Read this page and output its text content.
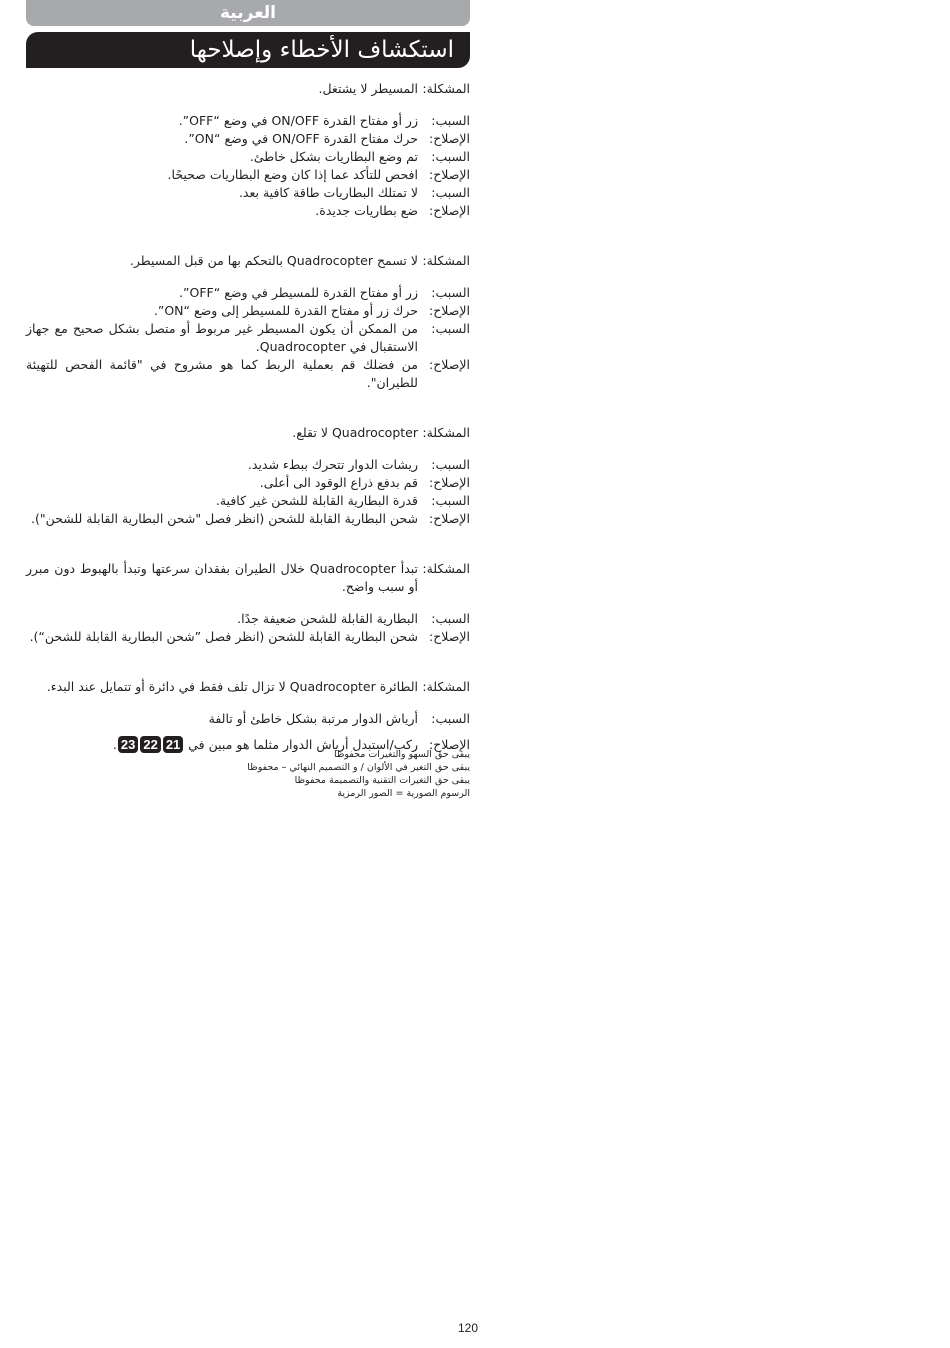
العربية
استكشاف الأخطاء وإصلاحها
المشكلة:
المسيطر لا يشتغل.
السبب:
زر أو مفتاح القدرة ON/OFF في وضع “OFF”.
الإصلاح:
حرك مفتاح القدرة ON/OFF في وضع “ON”.
السبب:
تم وضع البطاريات بشكل خاطئ.
الإصلاح:
افحص للتأكد عما إذا كان وضع البطاريات صحيحًا.
السبب:
لا تمتلك البطاريات طاقة كافية بعد.
الإصلاح:
ضع بطاريات جديدة.
المشكلة:
لا تسمح Quadrocopter بالتحكم بها من قبل المسيطر.
السبب:
زر أو مفتاح القدرة للمسيطر في وضع “OFF”.
الإصلاح:
حرك زر أو مفتاح القدرة للمسيطر إلى وضع “ON”.
السبب:
من الممكن أن يكون المسيطر غير مربوط أو متصل بشكل صحيح مع جهاز الاستقبال في Quadrocopter.
الإصلاح:
من فضلك قم بعملية الربط كما هو مشروح في "قائمة الفحص للتهيئة للطيران".
المشكلة:
Quadrocopter لا تقلع.
السبب:
ريشات الدوار تتحرك ببطء شديد.
الإصلاح:
قم بدفع ذراع الوقود الى أعلى.
السبب:
قدرة البطارية القابلة للشحن غير كافية.
الإصلاح:
شحن البطارية القابلة للشحن (انظر فصل "شحن البطارية القابلة للشحن").
المشكلة:
تبدأ Quadrocopter خلال الطيران بفقدان سرعتها وتبدأ بالهبوط دون مبرر أو سبب واضح.
السبب:
البطارية القابلة للشحن ضعيفة جدًا.
الإصلاح:
شحن البطارية القابلة للشحن (انظر فصل ”شحن البطارية القابلة للشحن“).
المشكلة:
الطائرة Quadrocopter لا تزال تلف فقط في دائرة أو تتمايل عند البدء.
السبب:
أرياش الدوار مرتبة بشكل خاطئ أو تالفة
الإصلاح:
ركب/استبدل أرياش الدوار مثلما هو مبين في 212223.
يبقى حق السهو والتغيرات محفوظا
يبقى حق التغير في الألوان / و التصميم النهائي – محفوظا
يبقى حق التغيرات التقنية والتصميمة محفوظا
الرسوم الصورية = الصور الرمزية
120
